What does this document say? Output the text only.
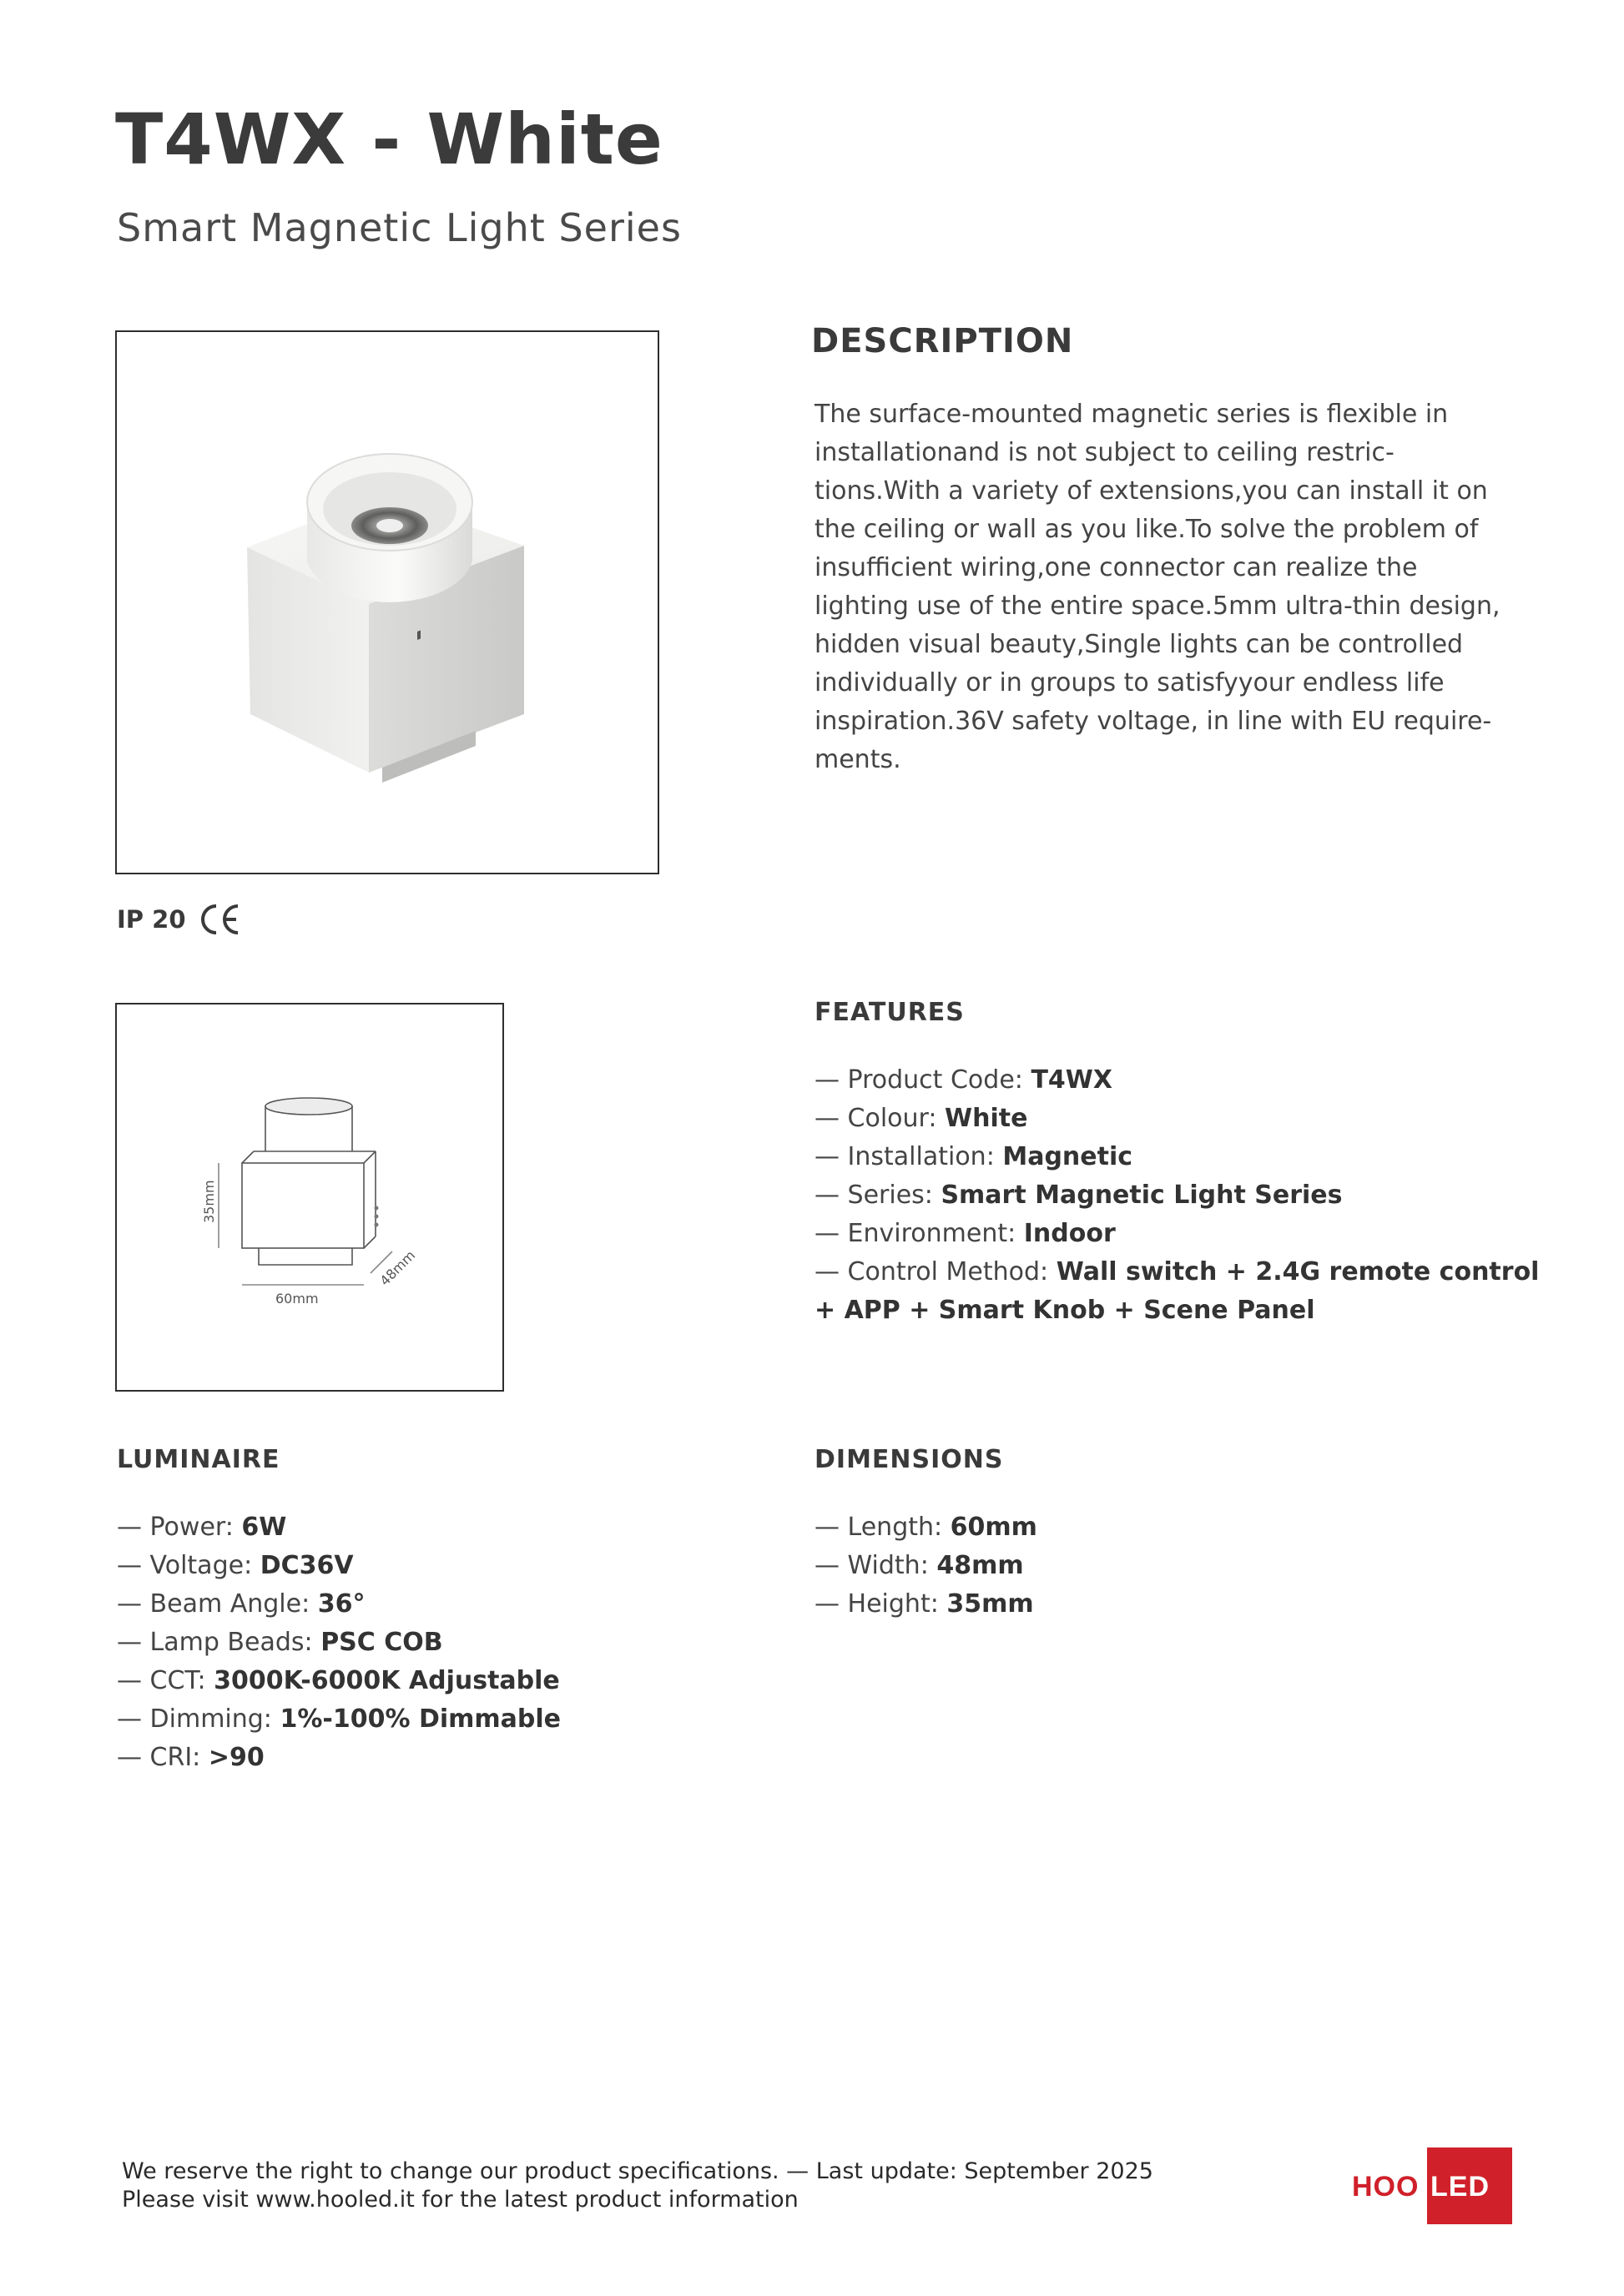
T4WX - White
Smart Magnetic Light Series
IP 20
DESCRIPTION
The surface-mounted magnetic series is flexible in
installationand is not subject to ceiling restric-
tions.With a variety of extensions,you can install it on
the ceiling or wall as you like.To solve the problem of
insufficient wiring,one connector can realize the
lighting use of the entire space.5mm ultra-thin design,
hidden visual beauty,Single lights can be controlled
individually or in groups to satisfyyour endless life
inspiration.36V safety voltage, in line with EU require-
ments.
35mm
60mm
48mm
FEATURES
— Product Code: T4WX
— Colour: White
— Installation: Magnetic
— Series: Smart Magnetic Light Series
— Environment: Indoor
— Control Method: Wall switch + 2.4G remote control
+ APP + Smart Knob + Scene Panel
LUMINAIRE
— Power: 6W
— Voltage: DC36V
— Beam Angle: 36°
— Lamp Beads: PSC COB
— CCT: 3000K-6000K Adjustable
— Dimming: 1%-100% Dimmable
— CRI: >90
DIMENSIONS
— Length: 60mm
— Width: 48mm
— Height: 35mm
We reserve the right to change our product specifications. — Last update: September 2025
Please visit www.hooled.it for the latest product information	HOO LED
